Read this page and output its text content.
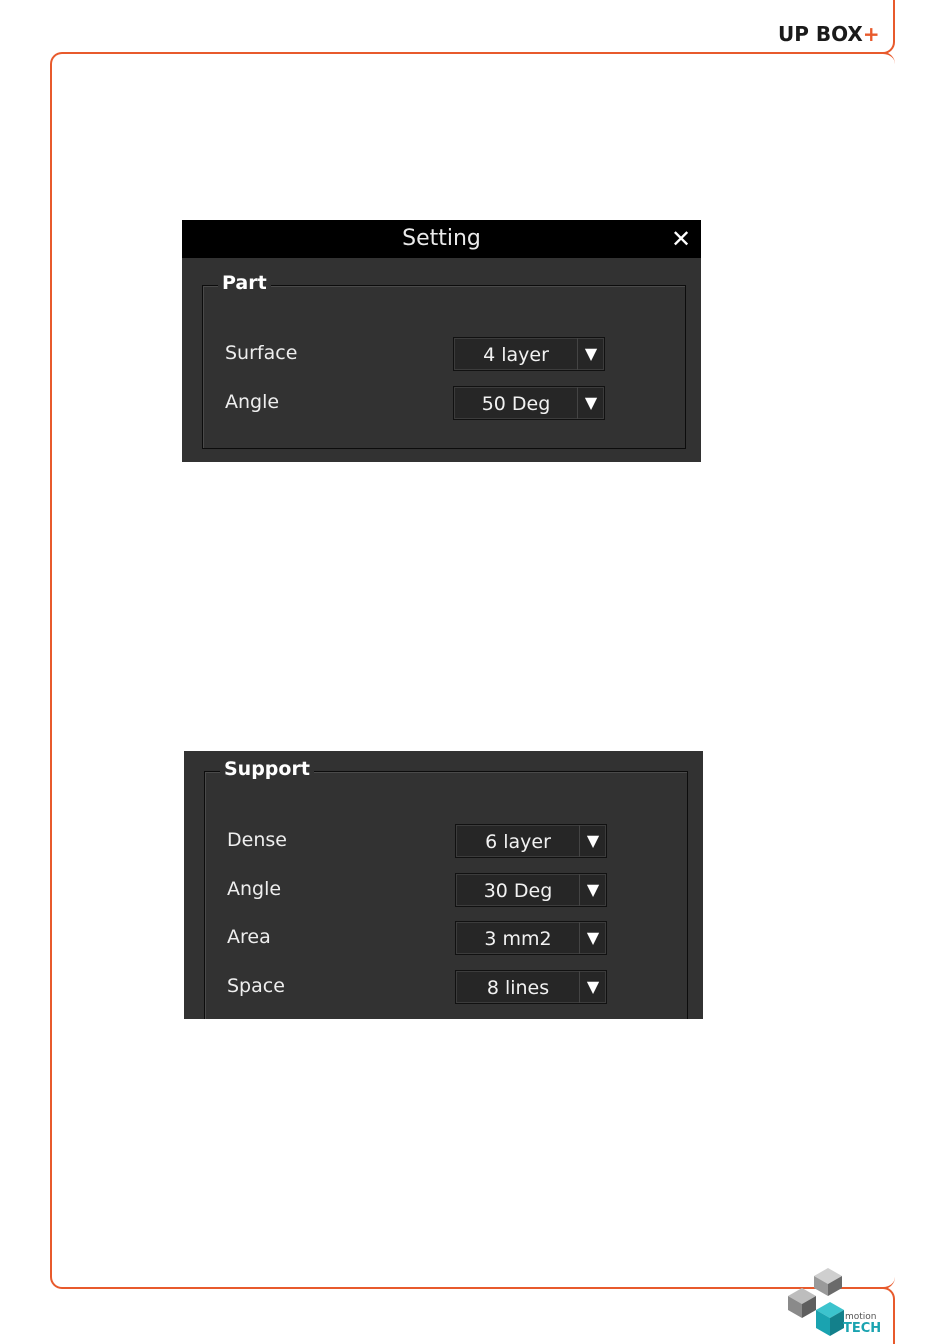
UP BOX+
Setting	✕
Part
Surface	4 layer	▼
Angle	50 Deg	▼
Support
Dense	6 layer	▼
Angle	30 Deg	▼
Area	3 mm2	▼
Space	8 lines	▼
motion
TECH
